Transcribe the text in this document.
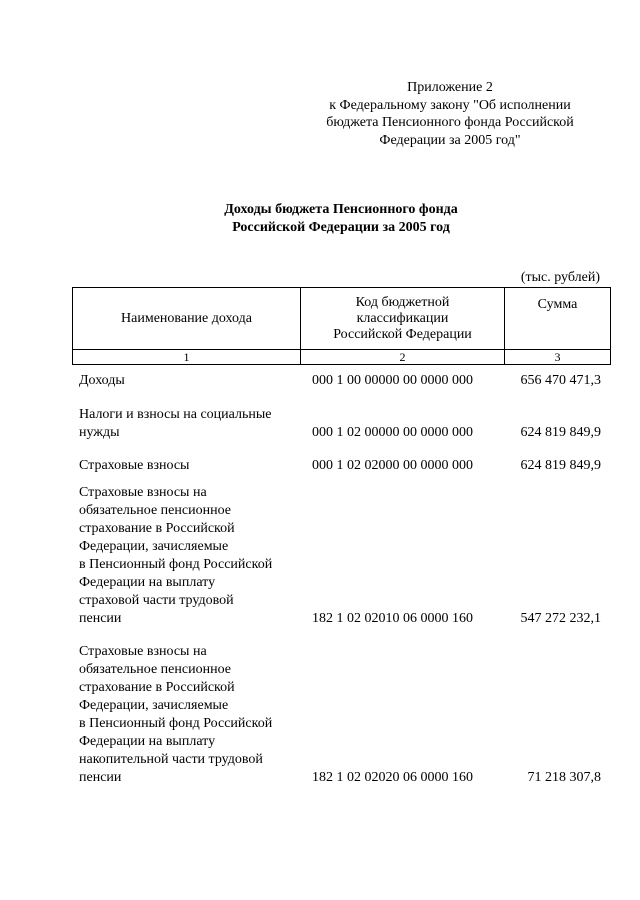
Приложение 2
к Федеральному закону "Об исполнении
бюджета Пенсионного фонда Российской
Федерации за 2005 год"
Доходы бюджета Пенсионного фонда
Российской Федерации за 2005 год
(тыс. рублей)
Наименование дохода	Код бюджетной
классификации
Российской Федерации	Сумма
1	2	3
Доходы	000 1 00 00000 00 0000 000	656 470 471,3
Налоги и взносы на социальные
нужды	000 1 02 00000 00 0000 000	624 819 849,9
Страховые взносы	000 1 02 02000 00 0000 000	624 819 849,9
Страховые взносы на
обязательное пенсионное
страхование в Российской
Федерации, зачисляемые
в Пенсионный фонд Российской
Федерации на выплату
страховой части трудовой
пенсии	182 1 02 02010 06 0000 160	547 272 232,1
Страховые взносы на
обязательное пенсионное
страхование в Российской
Федерации, зачисляемые
в Пенсионный фонд Российской
Федерации на выплату
накопительной части трудовой
пенсии	182 1 02 02020 06 0000 160	71 218 307,8
